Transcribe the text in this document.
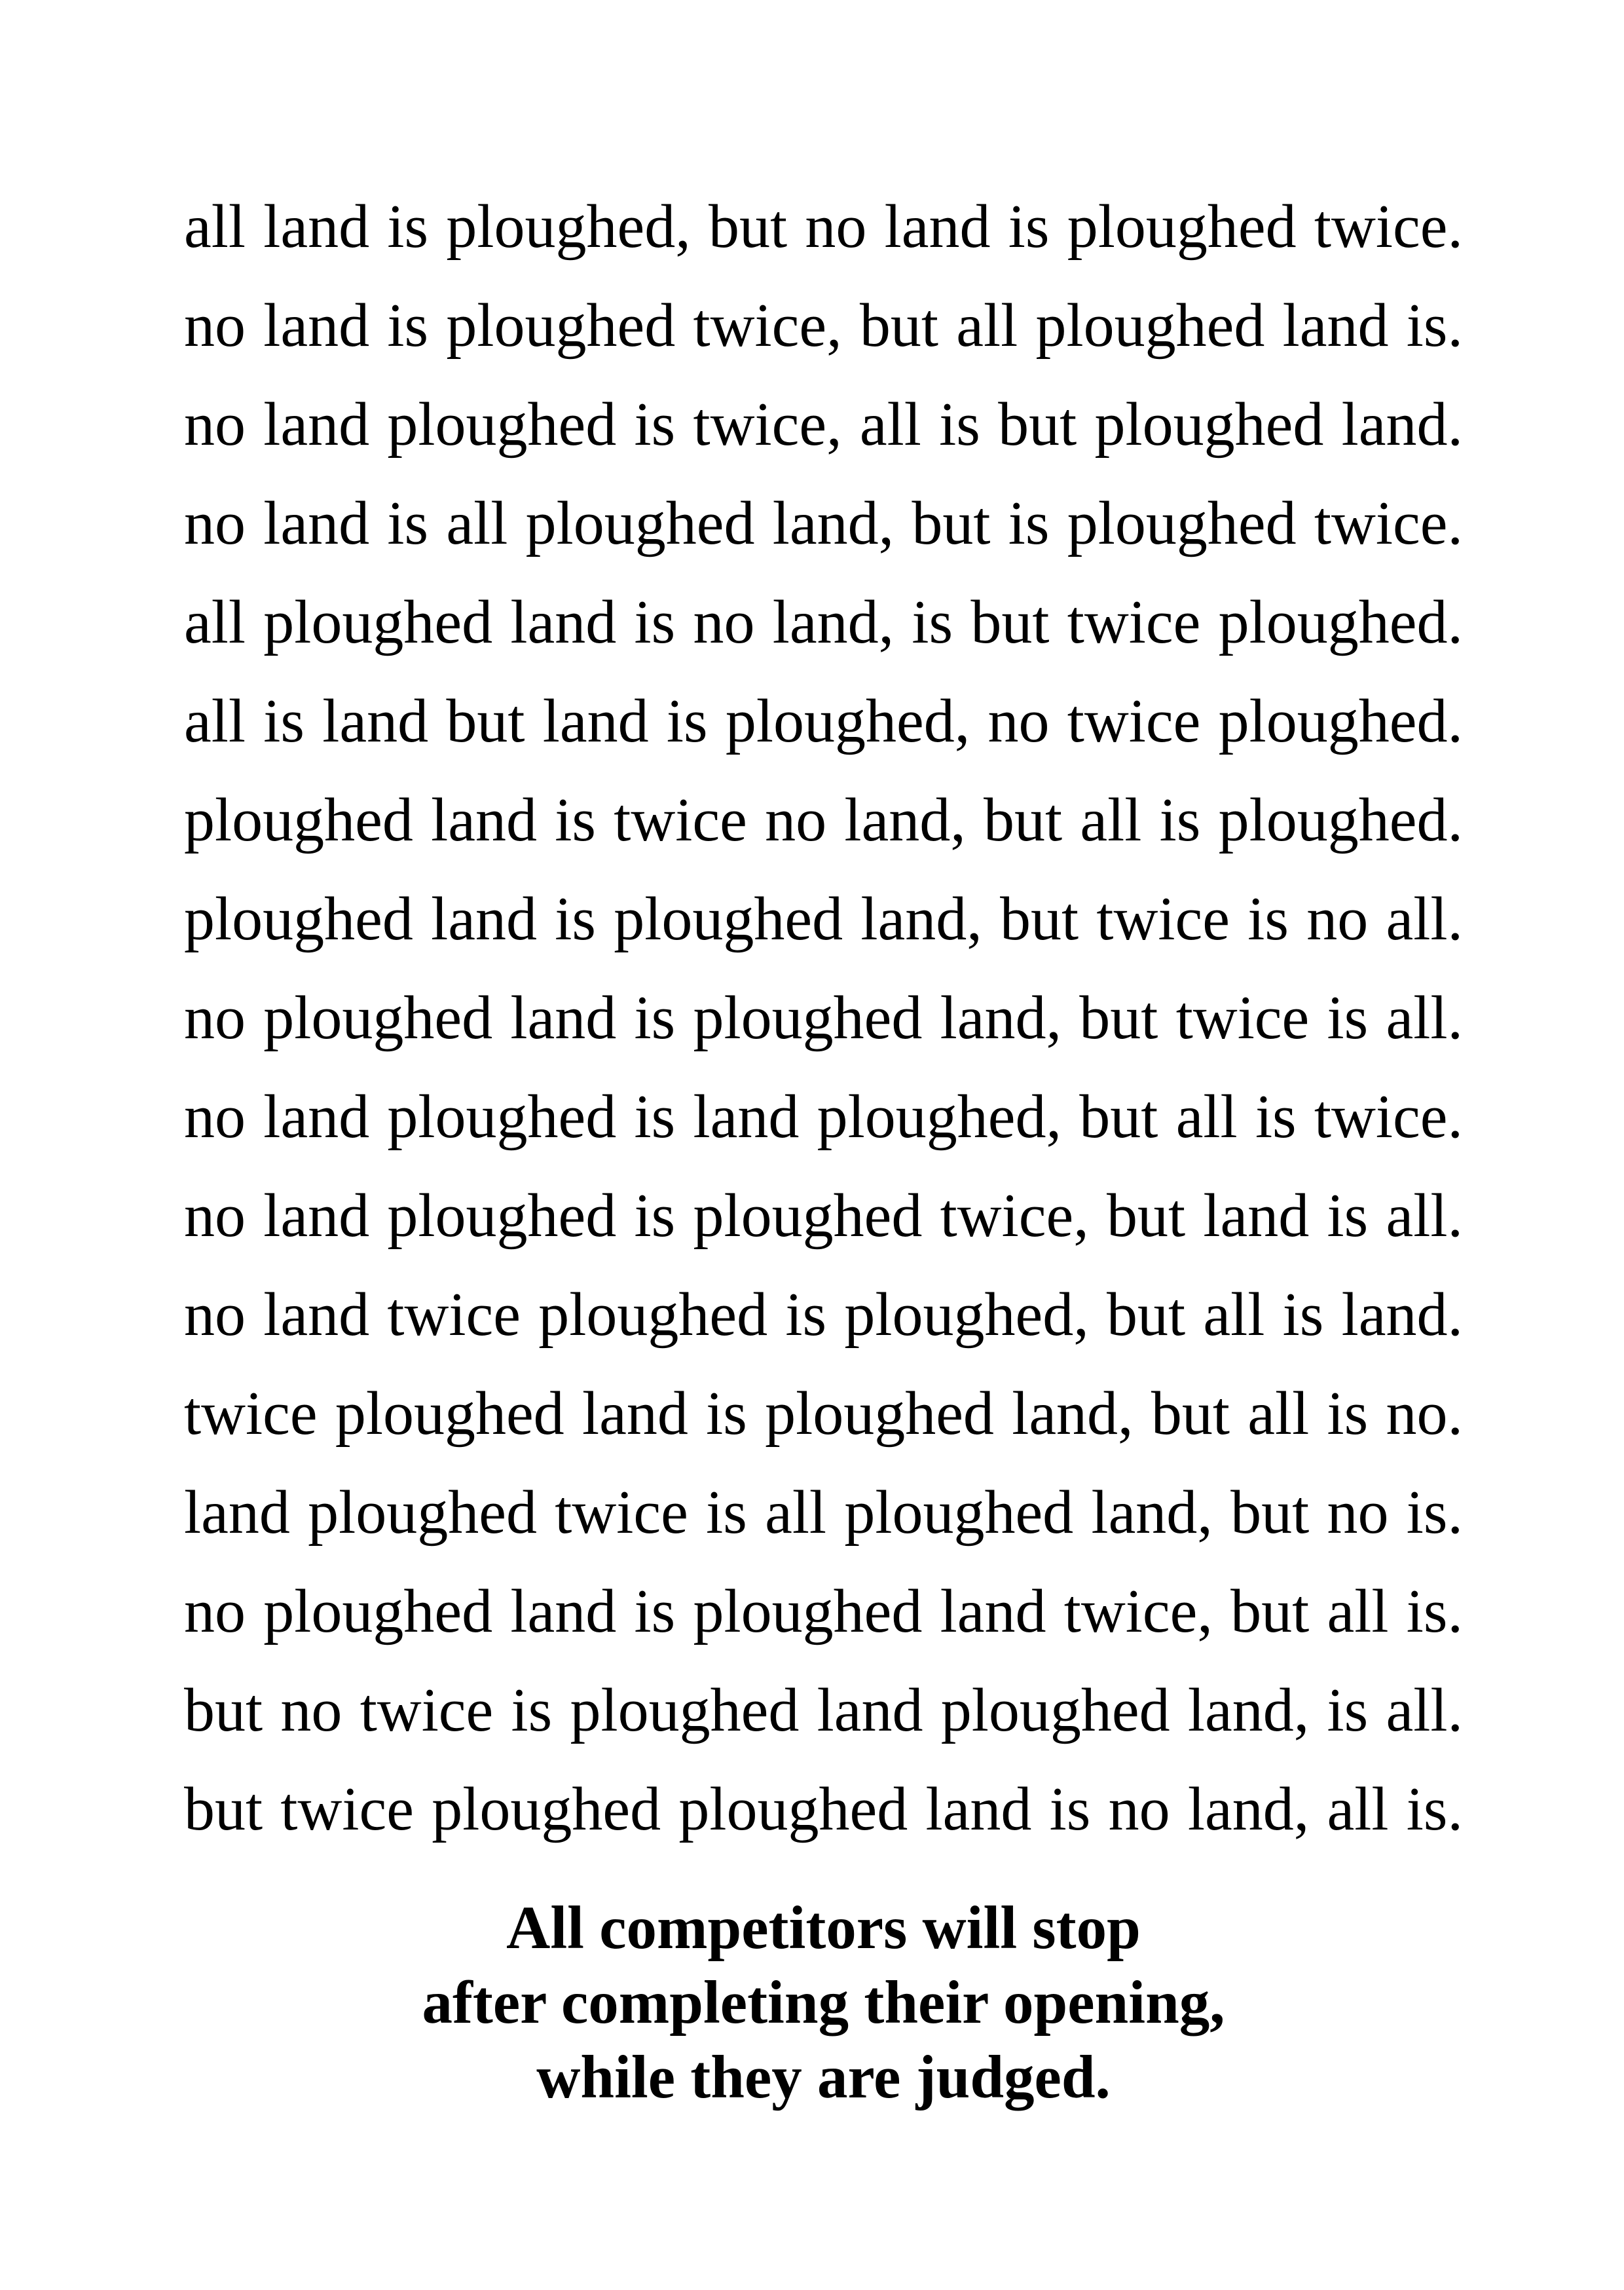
all land is ploughed, but no land is ploughed twice.
no land is ploughed twice, but all ploughed land is.
no land ploughed is twice, all is but ploughed land.
no land is all ploughed land, but is ploughed twice.
all ploughed land is no land, is but twice ploughed.
all is land but land is ploughed, no twice ploughed.
ploughed land is twice no land, but all is ploughed.
ploughed land is ploughed land, but twice is no all.
no ploughed land is ploughed land, but twice is all.
no land ploughed is land ploughed, but all is twice.
no land ploughed is ploughed twice, but land is all.
no land twice ploughed is ploughed, but all is land.
twice ploughed land is ploughed land, but all is no.
land ploughed twice is all ploughed land, but no is.
no ploughed land is ploughed land twice, but all is.
but no twice is ploughed land ploughed land, is all.
but twice ploughed ploughed land is no land, all is.
All competitors will stop
after completing their opening,
while they are judged.
